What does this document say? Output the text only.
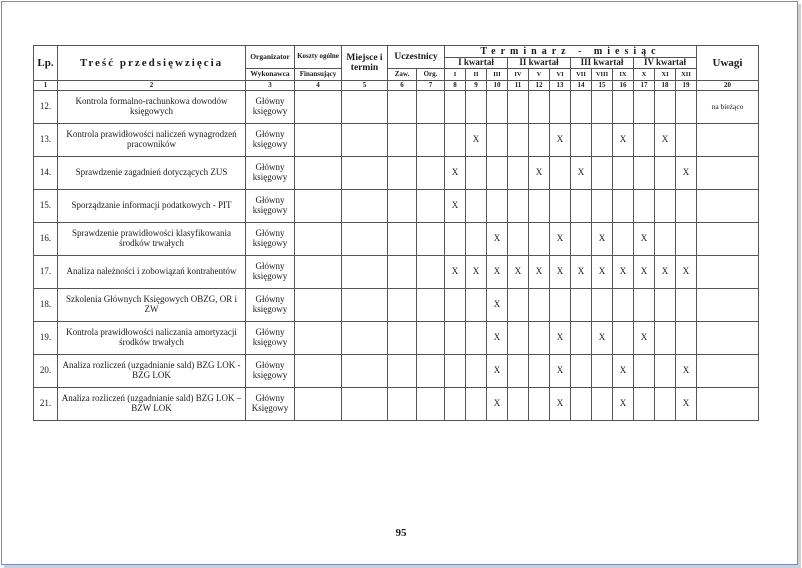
Lp.	Treść przedsięwzięcia	Organizator	Koszty ogólne	Miejsce i termin	Uczestnicy		Terminarz - miesiąc												Uwagi
							I kwartał			II kwartał			III kwartał			IV kwartał			
		Wykonawca	Finansujący		Zaw.	Org.	I	II	III	IV	V	VI	VII	VIII	IX	X	XI	XII	
1	2	3	4	5	6	7	8	9	10	11	12	13	14	15	16	17	18	19	20
12.	Kontrola formalno-rachunkowa dowodów księgowych	Główny księgowy																	na bieżąco
13.	Kontrola prawidłowości naliczeń wynagrodzeń pracowników	Główny księgowy						X				X			X		X		
14.	Sprawdzenie zagadnień dotyczących ZUS	Główny księgowy					X				X		X					X	
15.	Sporządzanie informacji podatkowych - PIT	Główny księgowy					X												
16.	Sprawdzenie prawidłowości klasyfikowania środków trwałych	Główny księgowy							X			X		X		X			
17.	Analiza należności i zobowiązań kontrahentów	Główny księgowy					X	X	X	X	X	X	X	X	X	X	X	X	
18.	Szkolenia Głównych Księgowych OBZG, OR i ZW	Główny księgowy							X										
19.	Kontrola prawidłowości naliczania amortyzacji środków trwałych	Główny księgowy							X			X		X		X			
20.	Analiza rozliczeń (uzgadnianie sald) BZG LOK - BZG LOK	Główny księgowy							X			X			X			X	
21.	Analiza rozliczeń (uzgadnianie sald) BZG LOK – BZW LOK	Główny Księgowy							X			X			X			X	
95
